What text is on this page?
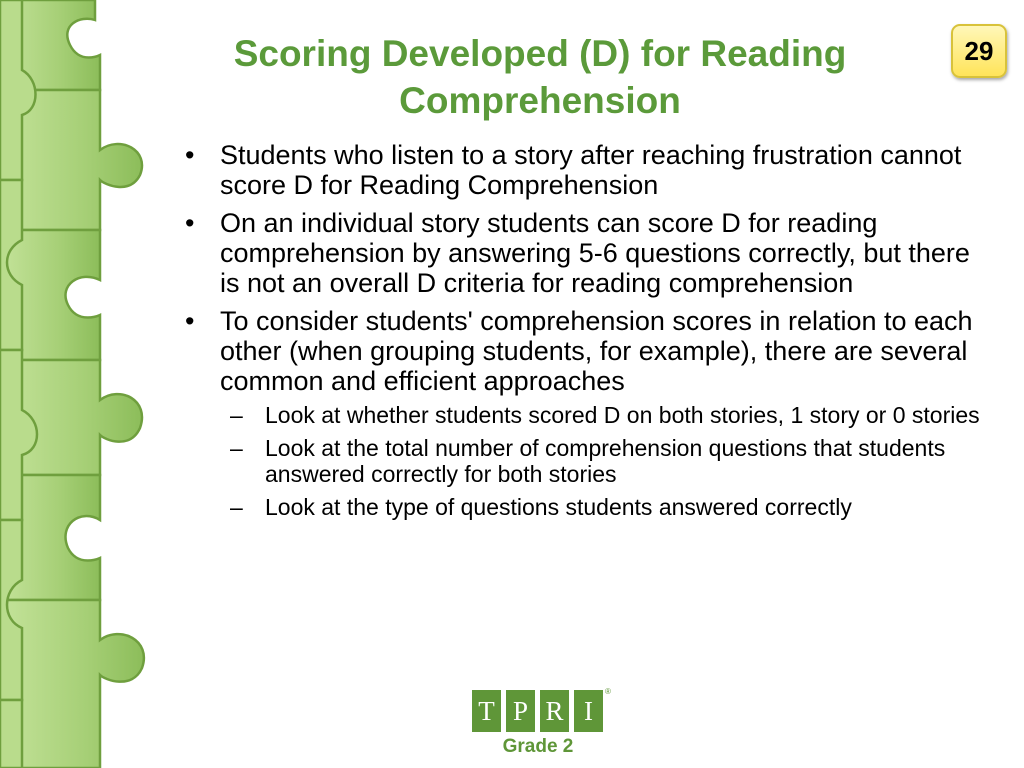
Scoring Developed (D) for Reading Comprehension
29
• Students who listen to a story after reaching frustration cannot score D for Reading Comprehension
• On an individual story students can score D for reading comprehension by answering 5-6 questions correctly, but there is not an overall D criteria for reading comprehension
• To consider students' comprehension scores in relation to each other (when grouping students, for example), there are several common and efficient approaches
– Look at whether students scored D on both stories, 1 story or 0 stories
– Look at the total number of comprehension questions that students answered correctly for both stories
– Look at the type of questions students answered correctly
T P R I
®
Grade 2
